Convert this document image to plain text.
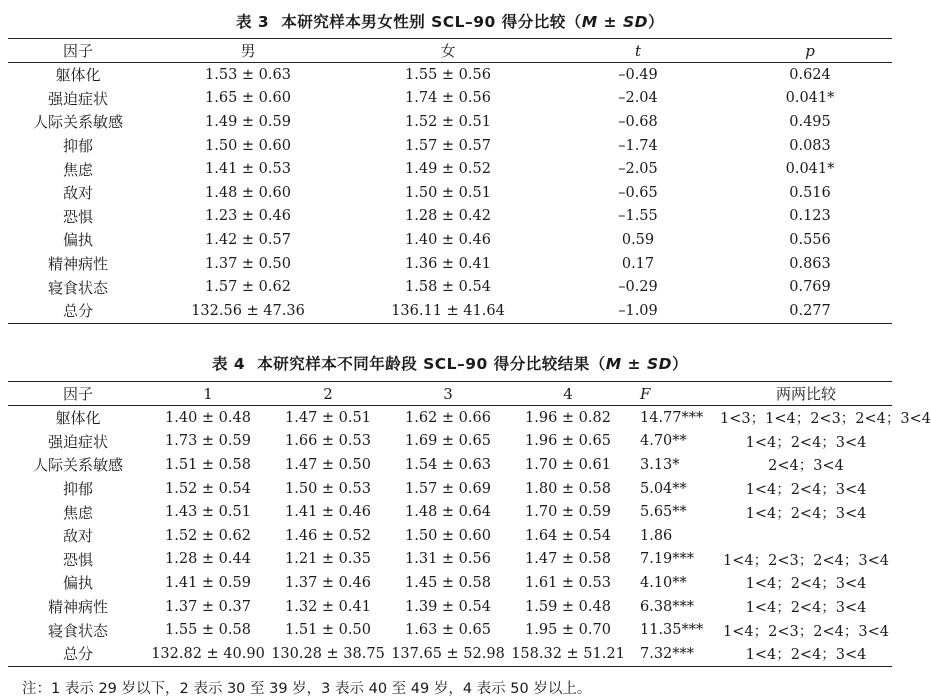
表 3 本研究样本男女性别 SCL–90 得分比较（M ± SD）
因子	男	女	t	p
躯体化	1.53 ± 0.63	1.55 ± 0.56	–0.49	0.624
强迫症状	1.65 ± 0.60	1.74 ± 0.56	–2.04	0.041*
人际关系敏感	1.49 ± 0.59	1.52 ± 0.51	–0.68	0.495
抑郁	1.50 ± 0.60	1.57 ± 0.57	–1.74	0.083
焦虑	1.41 ± 0.53	1.49 ± 0.52	–2.05	0.041*
敌对	1.48 ± 0.60	1.50 ± 0.51	–0.65	0.516
恐惧	1.23 ± 0.46	1.28 ± 0.42	–1.55	0.123
偏执	1.42 ± 0.57	1.40 ± 0.46	0.59	0.556
精神病性	1.37 ± 0.50	1.36 ± 0.41	0.17	0.863
寝食状态	1.57 ± 0.62	1.58 ± 0.54	–0.29	0.769
总分	132.56 ± 47.36	136.11 ± 41.64	–1.09	0.277
表 4 本研究样本不同年龄段 SCL–90 得分比较结果（M ± SD）
因子	1	2	3	4	F	两两比较
躯体化	1.40 ± 0.48	1.47 ± 0.51	1.62 ± 0.66	1.96 ± 0.82	14.77***	1<3；1<4；2<3；2<4；3<4
强迫症状	1.73 ± 0.59	1.66 ± 0.53	1.69 ± 0.65	1.96 ± 0.65	4.70**	1<4；2<4；3<4
人际关系敏感	1.51 ± 0.58	1.47 ± 0.50	1.54 ± 0.63	1.70 ± 0.61	3.13*	2<4；3<4
抑郁	1.52 ± 0.54	1.50 ± 0.53	1.57 ± 0.69	1.80 ± 0.58	5.04**	1<4；2<4；3<4
焦虑	1.43 ± 0.51	1.41 ± 0.46	1.48 ± 0.64	1.70 ± 0.59	5.65**	1<4；2<4；3<4
敌对	1.52 ± 0.62	1.46 ± 0.52	1.50 ± 0.60	1.64 ± 0.54	1.86	
恐惧	1.28 ± 0.44	1.21 ± 0.35	1.31 ± 0.56	1.47 ± 0.58	7.19***	1<4；2<3；2<4；3<4
偏执	1.41 ± 0.59	1.37 ± 0.46	1.45 ± 0.58	1.61 ± 0.53	4.10**	1<4；2<4；3<4
精神病性	1.37 ± 0.37	1.32 ± 0.41	1.39 ± 0.54	1.59 ± 0.48	6.38***	1<4；2<4；3<4
寝食状态	1.55 ± 0.58	1.51 ± 0.50	1.63 ± 0.65	1.95 ± 0.70	11.35***	1<4；2<3；2<4；3<4
总分	132.82 ± 40.90	130.28 ± 38.75	137.65 ± 52.98	158.32 ± 51.21	7.32***	1<4；2<4；3<4
注：1 表示 29 岁以下，2 表示 30 至 39 岁，3 表示 40 至 49 岁，4 表示 50 岁以上。
